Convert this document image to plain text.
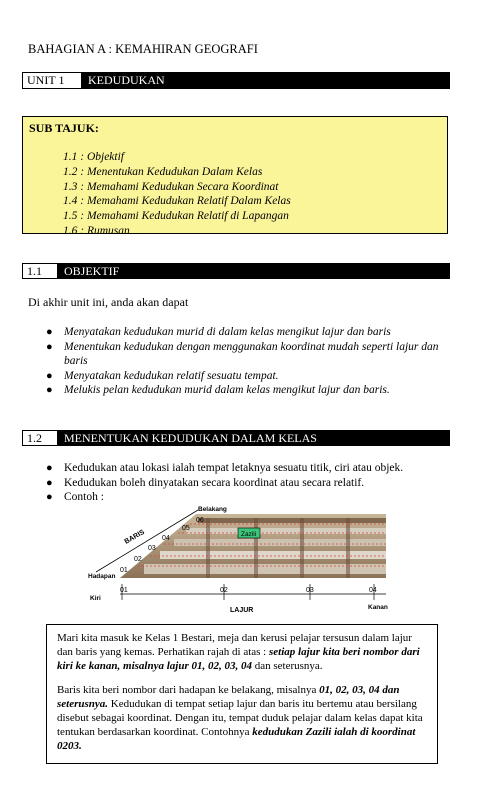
BAHAGIAN A : KEMAHIRAN GEOGRAFI
UNIT 1	KEDUDUKAN
SUB TAJUK:
1.1 : Objektif
1.2 : Menentukan Kedudukan Dalam Kelas
1.3 : Memahami Kedudukan Secara Koordinat
1.4 : Memahami Kedudukan Relatif Dalam Kelas
1.5 : Memahami Kedudukan Relatif di Lapangan
1.6 : Rumusan
1.1	OBJEKTIF
Di akhir unit ini, anda akan dapat
● Menyatakan kedudukan murid di dalam kelas mengikut lajur dan baris
● Menentukan kedudukan dengan menggunakan koordinat mudah seperti lajur dan baris
● Menyatakan kedudukan relatif sesuatu tempat.
● Melukis pelan kedudukan murid dalam kelas mengikut lajur dan baris.
1.2	MENENTUKAN KEDUDUKAN DALAM KELAS
● Kedudukan atau lokasi ialah tempat letaknya sesuatu titik, ciri atau objek.
● Kedudukan boleh dinyatakan secara koordinat atau secara relatif.
● Contoh :
Belakang
BARIS
Hadapan
01
02
03
04
05
06
Zazili
01	02	03	04
Kiri
Kanan
LAJUR

Mari kita masuk ke Kelas 1 Bestari, meja dan kerusi pelajar tersusun dalam lajur dan baris yang kemas. Perhatikan rajah di atas : setiap lajur kita beri nombor dari kiri ke kanan, misalnya lajur 01, 02, 03, 04 dan seterusnya.

Baris kita beri nombor dari hadapan ke belakang, misalnya 01, 02, 03, 04 dan seterusnya. Kedudukan di tempat setiap lajur dan baris itu bertemu atau bersilang disebut sebagai koordinat. Dengan itu, tempat duduk pelajar dalam kelas dapat kita tentukan berdasarkan koordinat. Contohnya kedudukan Zazili ialah di koordinat 0203.
